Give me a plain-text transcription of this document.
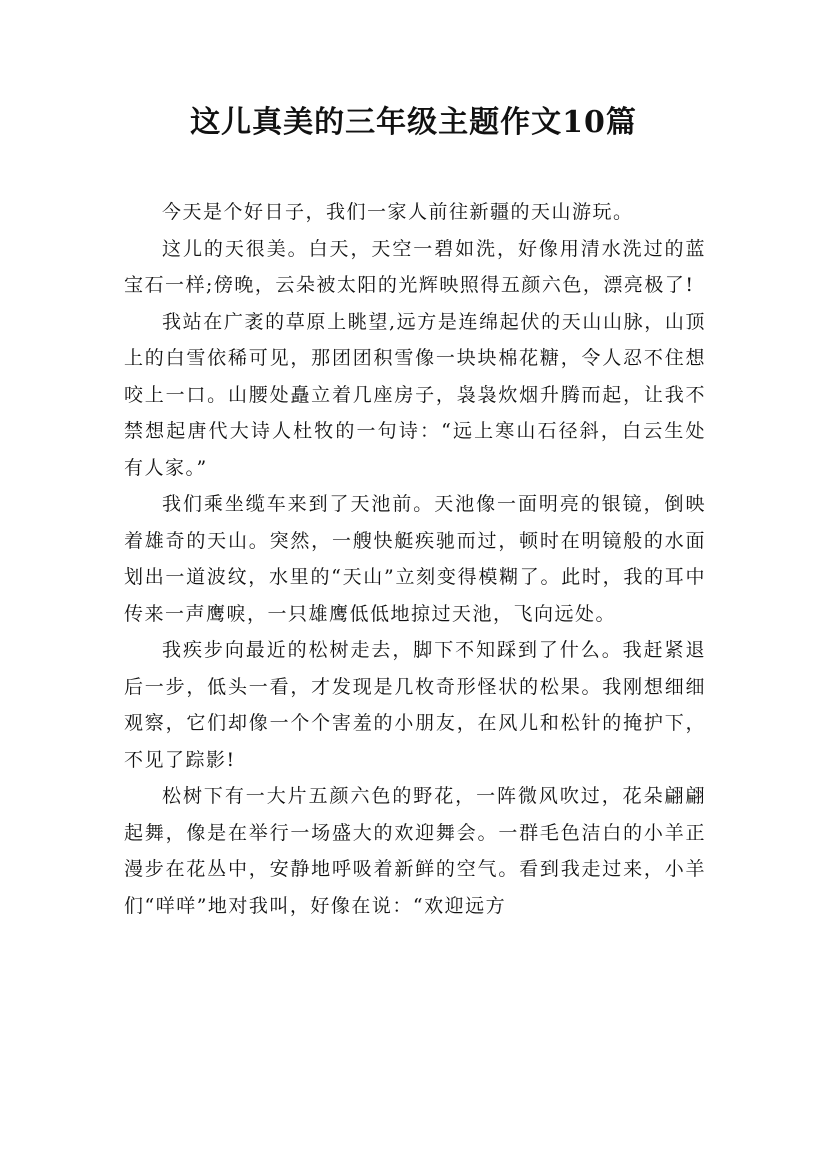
这儿真美的三年级主题作文10篇

今天是个好日子，我们一家人前往新疆的天山游玩。

这儿的天很美。白天，天空一碧如洗，好像用清水洗过的蓝宝石一样;傍晚，云朵被太阳的光辉映照得五颜六色，漂亮极了!

我站在广袤的草原上眺望,远方是连绵起伏的天山山脉，山顶上的白雪依稀可见，那团团积雪像一块块棉花糖，令人忍不住想咬上一口。山腰处矗立着几座房子，袅袅炊烟升腾而起，让我不禁想起唐代大诗人杜牧的一句诗：“远上寒山石径斜，白云生处有人家。”

我们乘坐缆车来到了天池前。天池像一面明亮的银镜，倒映着雄奇的天山。突然，一艘快艇疾驰而过，顿时在明镜般的水面划出一道波纹，水里的“天山”立刻变得模糊了。此时，我的耳中传来一声鹰唳，一只雄鹰低低地掠过天池，飞向远处。

我疾步向最近的松树走去，脚下不知踩到了什么。我赶紧退后一步，低头一看，才发现是几枚奇形怪状的松果。我刚想细细观察，它们却像一个个害羞的小朋友，在风儿和松针的掩护下，不见了踪影!

松树下有一大片五颜六色的野花，一阵微风吹过，花朵翩翩起舞，像是在举行一场盛大的欢迎舞会。一群毛色洁白的小羊正漫步在花丛中，安静地呼吸着新鲜的空气。看到我走过来，小羊们“咩咩”地对我叫，好像在说：“欢迎远方
